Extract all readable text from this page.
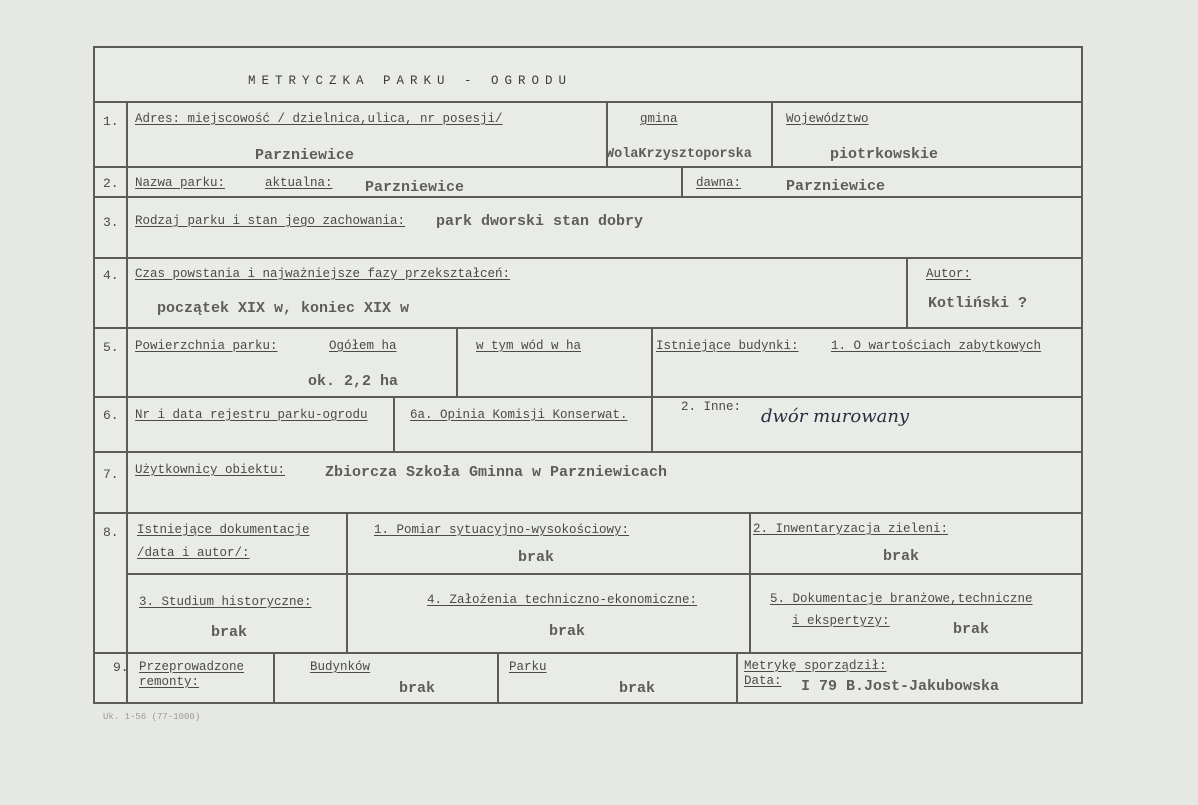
METRYCZKA PARKU - OGRODU
1. Adres: miejscowość / dzielnica,ulica, nr posesji/
Parzniewice
gmina
WolaKrzysztoporska
Województwo
piotrkowskie
2. Nazwa parku:	aktualna: Parzniewice	dawna:	Parzniewice
3. Rodzaj parku i stan jego zachowania: park dworski stan dobry
4. Czas powstania i najważniejsze fazy przekształceń:
początek XIX w, koniec XIX w
Autor:
Kotliński ?
5. Powierzchnia parku:	Ogółem ha
ok. 2,2 ha
w tym wód w ha	Istniejące budynki:	1. O wartościach zabytkowych
6. Nr i data rejestru parku-ogrodu	6a. Opinia Komisji Konserwat.
2. Inne: dwór murowany
7. Użytkownicy obiektu:	Zbiorcza Szkoła Gminna w Parzniewicach
8. Istniejące dokumentacje
/data i autor/:
1. Pomiar sytuacyjno-wysokościowy:
brak
2. Inwentaryzacja zieleni:
brak
3. Studium historyczne:
brak
4. Założenia techniczno-ekonomiczne:
brak
5. Dokumentacje branżowe,techniczne
i ekspertyzy:	brak
9. Przeprowadzone
remonty:
Budynków
brak
Parku
brak
Metrykę sporządził:
Data: I 79 B.Jost-Jakubowska
Uk. 1-56 (77-1000)
